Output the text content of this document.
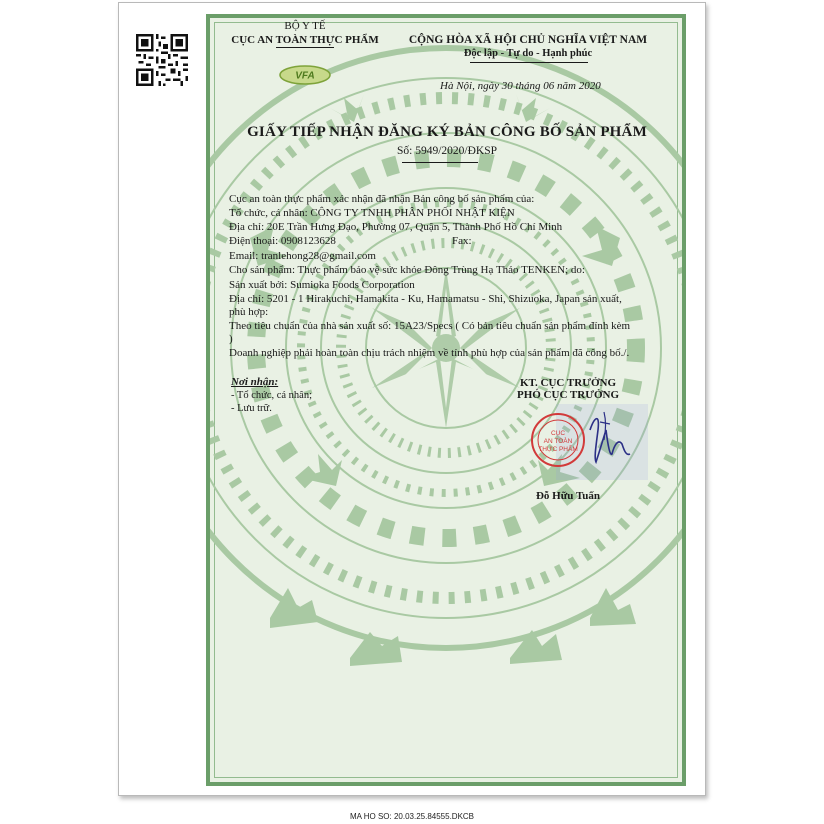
BỘ Y TẾ
CỤC AN TOÀN THỰC PHẨM
VFA
CỘNG HÒA XÃ HỘI CHỦ NGHĨA VIỆT NAM
Độc lập - Tự do - Hạnh phúc
Hà Nội, ngày 30 tháng 06 năm 2020
GIẤY TIẾP NHẬN ĐĂNG KÝ BẢN CÔNG BỐ SẢN PHẨM
Số: 5949/2020/ĐKSP
Cục an toàn thực phẩm xác nhận đã nhận Bản công bố sản phẩm của:
Tổ chức, cá nhân: CÔNG TY TNHH PHÂN PHỐI NHẬT KIỆN
Địa chỉ: 20E Trần Hưng Đạo, Phường 07, Quận 5, Thành Phố Hồ Chí Minh
Điện thoại: 0908123628	Fax:
Email: tranlehong28@gmail.com
Cho sản phẩm: Thực phẩm bảo vệ sức khỏe Đông Trùng Hạ Thảo TENKEN; do:
Sản xuất bởi: Sumioka Foods Corporation
Địa chỉ: 5201 - 1 Hirakuchi, Hamakita - Ku, Hamamatsu - Shi, Shizuoka, Japan sản xuất,
phù hợp:
Theo tiêu chuẩn của nhà sản xuất số: 15A23/Specs ( Có bản tiêu chuẩn sản phẩm đính kèm
)
Doanh nghiệp phải hoàn toàn chịu trách nhiệm về tính phù hợp của sản phẩm đã công bố./.
Nơi nhận:
- Tổ chức, cá nhân;
- Lưu trữ.
KT. CỤC TRƯỞNG
PHÓ CỤC TRƯỞNG
CỤC
AN TOÀN
THỰC PHẨM
Đỗ Hữu Tuấn
MA HO SO: 20.03.25.84555.DKCB
